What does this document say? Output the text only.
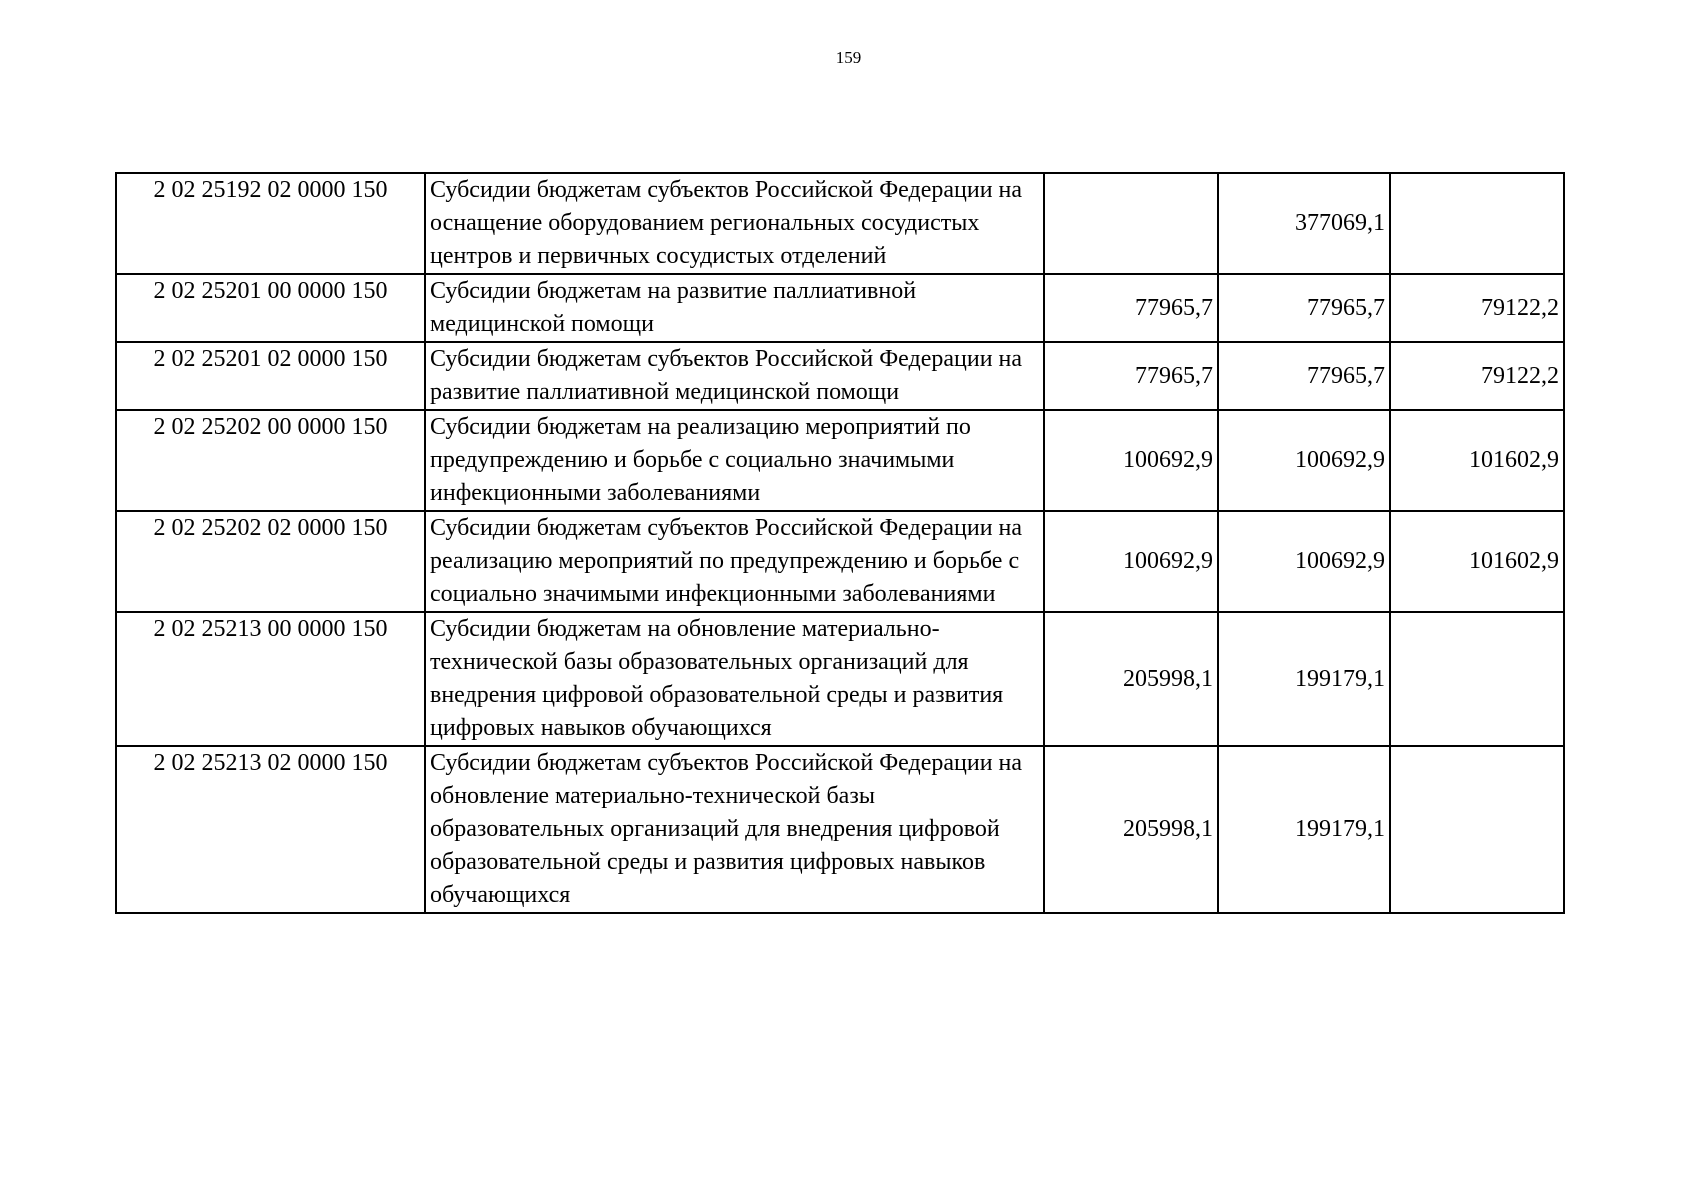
159
2 02 25192 02 0000 150	Субсидии бюджетам субъектов Российской Федерации на оснащение оборудованием региональных сосудистых центров и первичных сосудистых отделений		377069,1	
2 02 25201 00 0000 150	Субсидии бюджетам на развитие паллиативной медицинской помощи	77965,7	77965,7	79122,2
2 02 25201 02 0000 150	Субсидии бюджетам субъектов Российской Федерации на развитие паллиативной медицинской помощи	77965,7	77965,7	79122,2
2 02 25202 00 0000 150	Субсидии бюджетам на реализацию мероприятий по предупреждению и борьбе с социально значимыми инфекционными заболеваниями	100692,9	100692,9	101602,9
2 02 25202 02 0000 150	Субсидии бюджетам субъектов Российской Федерации на реализацию мероприятий по предупреждению и борьбе с социально значимыми инфекционными заболеваниями	100692,9	100692,9	101602,9
2 02 25213 00 0000 150	Субсидии бюджетам на обновление материально-технической базы образовательных организаций для внедрения цифровой образовательной среды и развития цифровых навыков обучающихся	205998,1	199179,1	
2 02 25213 02 0000 150	Субсидии бюджетам субъектов Российской Федерации на обновление материально-технической базы образовательных организаций для внедрения цифровой образовательной среды и развития цифровых навыков обучающихся	205998,1	199179,1	
